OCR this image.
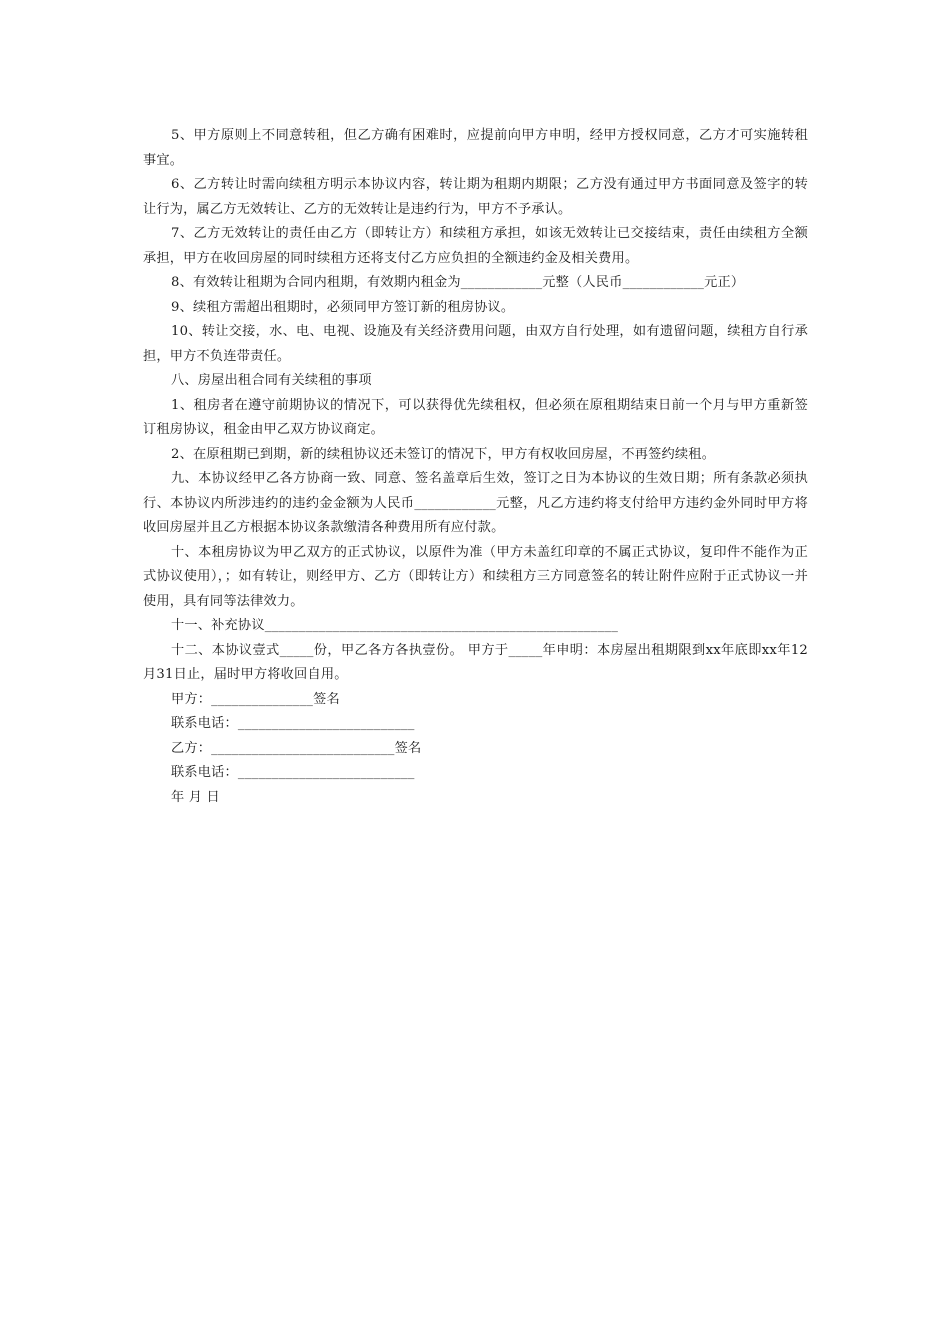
5、甲方原则上不同意转租，但乙方确有困难时，应提前向甲方申明，经甲方授权同意，乙方才可实施转租事宜。

6、乙方转让时需向续租方明示本协议内容，转让期为租期内期限；乙方没有通过甲方书面同意及签字的转让行为，属乙方无效转让、乙方的无效转让是违约行为，甲方不予承认。

7、乙方无效转让的责任由乙方（即转让方）和续租方承担，如该无效转让已交接结束，责任由续租方全额承担，甲方在收回房屋的同时续租方还将支付乙方应负担的全额违约金及相关费用。

8、有效转让租期为合同内租期，有效期内租金为____________元整（人民币____________元正）

9、续租方需超出租期时，必须同甲方签订新的租房协议。

10、转让交接，水、电、电视、设施及有关经济费用问题，由双方自行处理，如有遗留问题，续租方自行承担，甲方不负连带责任。

八、房屋出租合同有关续租的事项

1、租房者在遵守前期协议的情况下，可以获得优先续租权，但必须在原租期结束日前一个月与甲方重新签订租房协议，租金由甲乙双方协议商定。

2、在原租期已到期，新的续租协议还未签订的情况下，甲方有权收回房屋，不再签约续租。

九、本协议经甲乙各方协商一致、同意、签名盖章后生效，签订之日为本协议的生效日期；所有条款必须执行、本协议内所涉违约的违约金金额为人民币____________元整，凡乙方违约将支付给甲方违约金外同时甲方将收回房屋并且乙方根据本协议条款缴清各种费用所有应付款。

十、本租房协议为甲乙双方的正式协议，以原件为准（甲方未盖红印章的不属正式协议，复印件不能作为正式协议使用），；如有转让，则经甲方、乙方（即转让方）和续租方三方同意签名的转让附件应附于正式协议一并使用，具有同等法律效力。

十一、补充协议____________________________________________________

十二、本协议壹式_____份，甲乙各方各执壹份。 甲方于_____年申明：本房屋出租期限到xx年底即xx年12月31日止，届时甲方将收回自用。

甲方：_______________签名

联系电话：__________________________

乙方：___________________________签名

联系电话：__________________________

年 月 日
